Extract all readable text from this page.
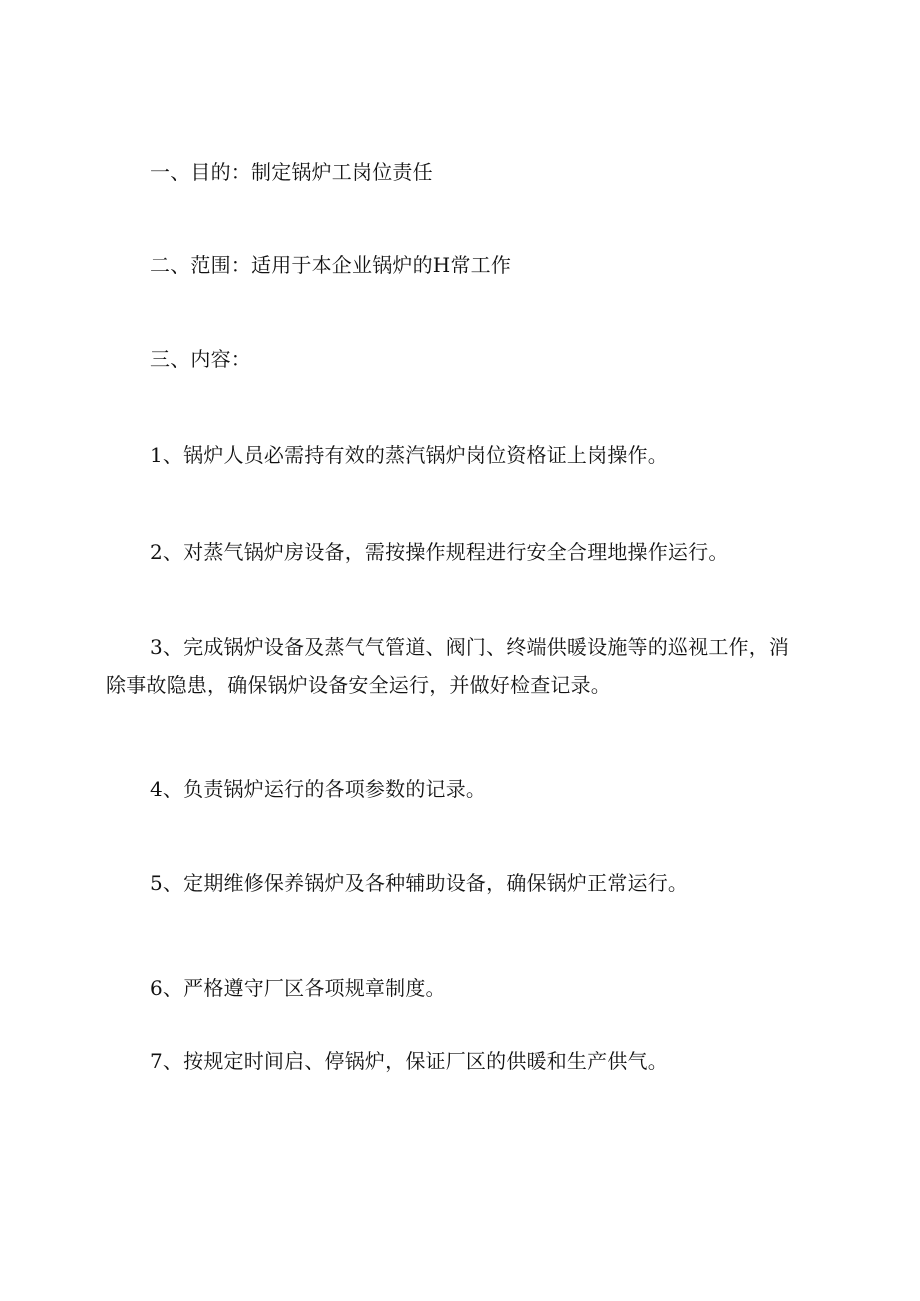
一、目的：制定锅炉工岗位责任
二、范围：适用于本企业锅炉的H常工作
三、内容：
1、锅炉人员必需持有效的蒸汽锅炉岗位资格证上岗操作。
2、对蒸气锅炉房设备，需按操作规程进行安全合理地操作运行。
3、完成锅炉设备及蒸气气管道、阀门、终端供暖设施等的巡视工作，消除事故隐患，确保锅炉设备安全运行，并做好检查记录。
4、负责锅炉运行的各项参数的记录。
5、定期维修保养锅炉及各种辅助设备，确保锅炉正常运行。
6、严格遵守厂区各项规章制度。
7、按规定时间启、停锅炉，保证厂区的供暖和生产供气。
